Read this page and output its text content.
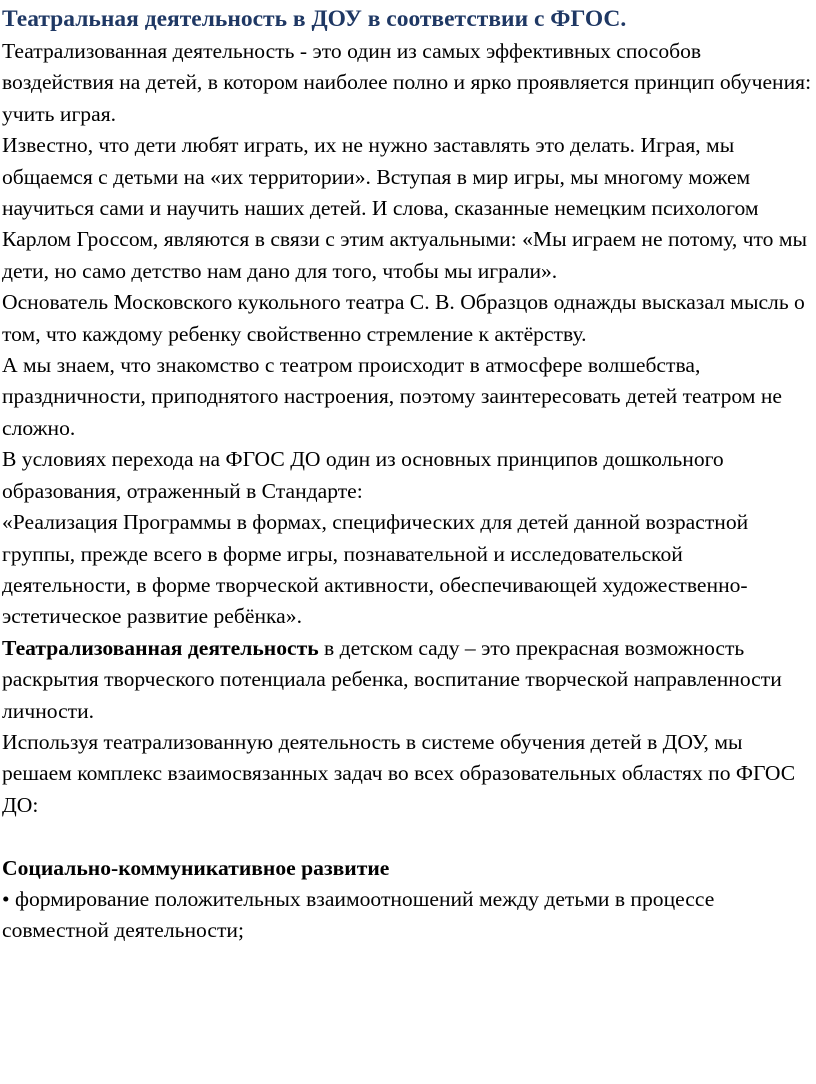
Театральная деятельность в ДОУ в соответствии с ФГОС.

Театрализованная деятельность - это один из самых эффективных способов воздействия на детей, в котором наиболее полно и ярко проявляется принцип обучения: учить играя.

Известно, что дети любят играть, их не нужно заставлять это делать. Играя, мы общаемся с детьми на «их территории». Вступая в мир игры, мы многому можем научиться сами и научить наших детей. И слова, сказанные немецким психологом Карлом Гроссом, являются в связи с этим актуальными: «Мы играем не потому, что мы дети, но само детство нам дано для того, чтобы мы играли».

Основатель Московского кукольного театра С. В. Образцов однажды высказал мысль о том, что каждому ребенку свойственно стремление к актёрству.

А мы знаем, что знакомство с театром происходит в атмосфере волшебства, праздничности, приподнятого настроения, поэтому заинтересовать детей театром не сложно.

В условиях перехода на ФГОС ДО один из основных принципов дошкольного образования, отраженный в Стандарте:

«Реализация Программы в формах, специфических для детей данной возрастной группы, прежде всего в форме игры, познавательной и исследовательской деятельности, в форме творческой активности, обеспечивающей художественно-эстетическое развитие ребёнка».

Театрализованная деятельность в детском саду – это прекрасная возможность раскрытия творческого потенциала ребенка, воспитание творческой направленности личности.

Используя театрализованную деятельность в системе обучения детей в ДОУ, мы решаем комплекс взаимосвязанных задач во всех образовательных областях по ФГОС ДО:

Социально-коммуникативное развитие

• формирование положительных взаимоотношений между детьми в процессе совместной деятельности;
